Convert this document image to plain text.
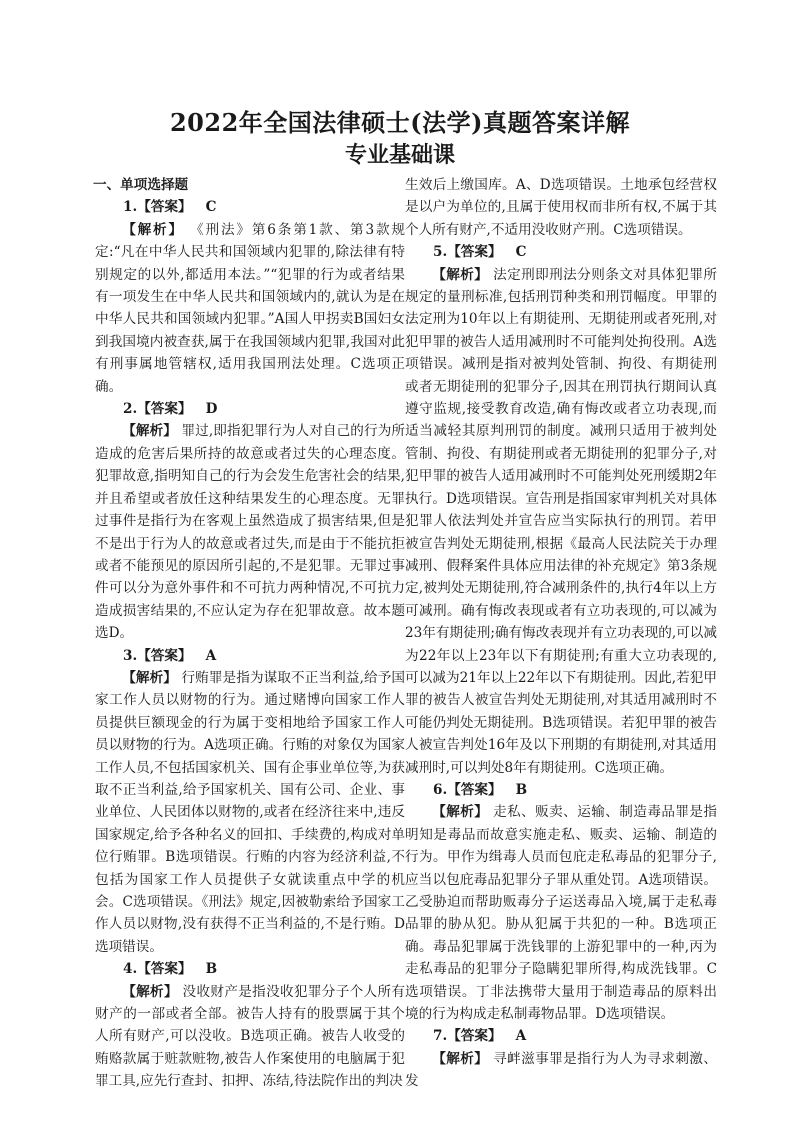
2022年全国法律硕士(法学)真题答案详解
专业基础课

一、单项选择题

1.【答案】 C

【解析】 《刑法》第6条第1款、第3款规定:“凡在中华人民共和国领域内犯罪的,除法律有特别规定的以外,都适用本法。”“犯罪的行为或者结果有一项发生在中华人民共和国领域内的,就认为是在中华人民共和国领域内犯罪。”A国人甲拐卖B国妇女到我国境内被查获,属于在我国领域内犯罪,我国对此有刑事属地管辖权,适用我国刑法处理。C选项正确。

2.【答案】 D

【解析】 罪过,即指犯罪行为人对自己的行为所造成的危害后果所持的故意或者过失的心理态度。犯罪故意,指明知自己的行为会发生危害社会的结果,并且希望或者放任这种结果发生的心理态度。无罪过事件是指行为在客观上虽然造成了损害结果,但是不是出于行为人的故意或者过失,而是由于不能抗拒或者不能预见的原因所引起的,不是犯罪。无罪过事件可以分为意外事件和不可抗力两种情况,不可抗力造成损害结果的,不应认定为存在犯罪故意。故本题选D。

3.【答案】 A

【解析】 行贿罪是指为谋取不正当利益,给予国家工作人员以财物的行为。通过赌博向国家工作人员提供巨额现金的行为属于变相地给予国家工作人员以财物的行为。A选项正确。行贿的对象仅为国家工作人员,不包括国家机关、国有企事业单位等,为获取不正当利益,给予国家机关、国有公司、企业、事业单位、人民团体以财物的,或者在经济往来中,违反国家规定,给予各种名义的回扣、手续费的,构成对单位行贿罪。B选项错误。行贿的内容为经济利益,不包括为国家工作人员提供子女就读重点中学的机会。C选项错误。《刑法》规定,因被勒索给予国家工作人员以财物,没有获得不正当利益的,不是行贿。D选项错误。

4.【答案】 B

【解析】 没收财产是指没收犯罪分子个人所有财产的一部或者全部。被告人持有的股票属于其个人所有财产,可以没收。B选项正确。被告人收受的贿赂款属于赃款赃物,被告人作案使用的电脑属于犯罪工具,应先行查封、扣押、冻结,待法院作出的判决

生效后上缴国库。A、D选项错误。土地承包经营权是以户为单位的,且属于使用权而非所有权,不属于其个人所有财产,不适用没收财产刑。C选项错误。

5.【答案】 C

【解析】 法定刑即刑法分则条文对具体犯罪所规定的量刑标准,包括刑罚种类和刑罚幅度。甲罪的法定刑为10年以上有期徒刑、无期徒刑或者死刑,对犯甲罪的被告人适用减刑时不可能判处拘役刑。A选项错误。减刑是指对被判处管制、拘役、有期徒刑或者无期徒刑的犯罪分子,因其在刑罚执行期间认真遵守监规,接受教育改造,确有悔改或者立功表现,而适当减轻其原判刑罚的制度。减刑只适用于被判处管制、拘役、有期徒刑或者无期徒刑的犯罪分子,对犯甲罪的被告人适用减刑时不可能判处死刑缓期2年执行。D选项错误。宣告刑是指国家审判机关对具体犯罪人依法判处并宣告应当实际执行的刑罚。若甲被宣告判处无期徒刑,根据《最高人民法院关于办理减刑、假释案件具体应用法律的补充规定》第3条规定,被判处无期徒刑,符合减刑条件的,执行4年以上方可减刑。确有悔改表现或者有立功表现的,可以减为23年有期徒刑;确有悔改表现并有立功表现的,可以减为22年以上23年以下有期徒刑;有重大立功表现的,可以减为21年以上22年以下有期徒刑。因此,若犯甲罪的被告人被宣告判处无期徒刑,对其适用减刑时不可能仍判处无期徒刑。B选项错误。若犯甲罪的被告人被宣告判处16年及以下刑期的有期徒刑,对其适用减刑时,可以判处8年有期徒刑。C选项正确。

6.【答案】 B

【解析】 走私、贩卖、运输、制造毒品罪是指明知是毒品而故意实施走私、贩卖、运输、制造的行为。甲作为缉毒人员而包庇走私毒品的犯罪分子,应当以包庇毒品犯罪分子罪从重处罚。A选项错误。乙受胁迫而帮助贩毒分子运送毒品入境,属于走私毒品罪的胁从犯。胁从犯属于共犯的一种。B选项正确。毒品犯罪属于洗钱罪的上游犯罪中的一种,丙为走私毒品的犯罪分子隐瞒犯罪所得,构成洗钱罪。C选项错误。丁非法携带大量用于制造毒品的原料出境的行为构成走私制毒物品罪。D选项错误。

7.【答案】 A

【解析】 寻衅滋事罪是指行为人为寻求刺激、发
